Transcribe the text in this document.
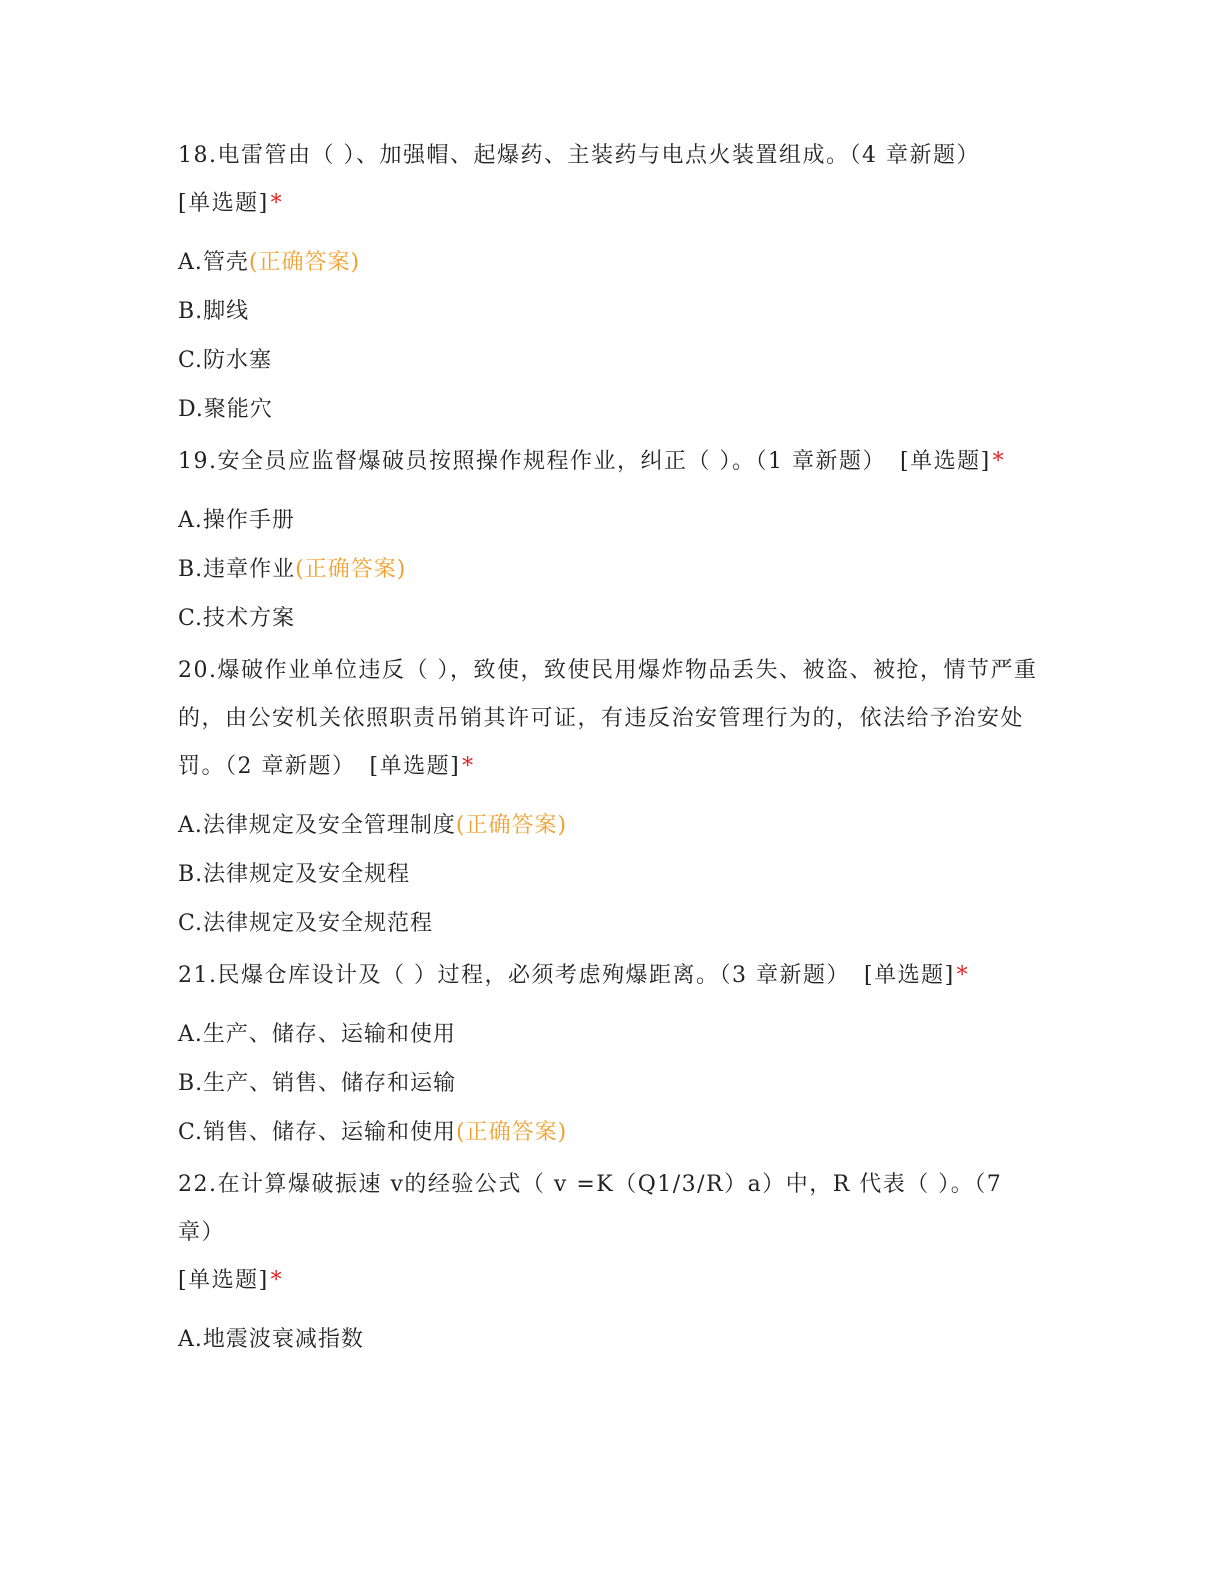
18.电雷管由（ ）、加强帽、起爆药、主装药与电点火装置组成。（4 章新题）
[单选题]*
A.管壳(正确答案)
B.脚线
C.防水塞
D.聚能穴
19.安全员应监督爆破员按照操作规程作业，纠正（ ）。（1 章新题） [单选题]*
A.操作手册
B.违章作业(正确答案)
C.技术方案
20.爆破作业单位违反（ ），致使，致使民用爆炸物品丢失、被盗、被抢，情节严重的，由公安机关依照职责吊销其许可证，有违反治安管理行为的，依法给予治安处罚。（2 章新题） [单选题]*
A.法律规定及安全管理制度(正确答案)
B.法律规定及安全规程
C.法律规定及安全规范程
21.民爆仓库设计及（ ）过程，必须考虑殉爆距离。（3 章新题） [单选题]*
A.生产、储存、运输和使用
B.生产、销售、储存和运输
C.销售、储存、运输和使用(正确答案)
22.在计算爆破振速 v的经验公式（ v =K（Q1/3/R）a）中，R 代表（ ）。（7 章）
[单选题]*
A.地震波衰减指数
